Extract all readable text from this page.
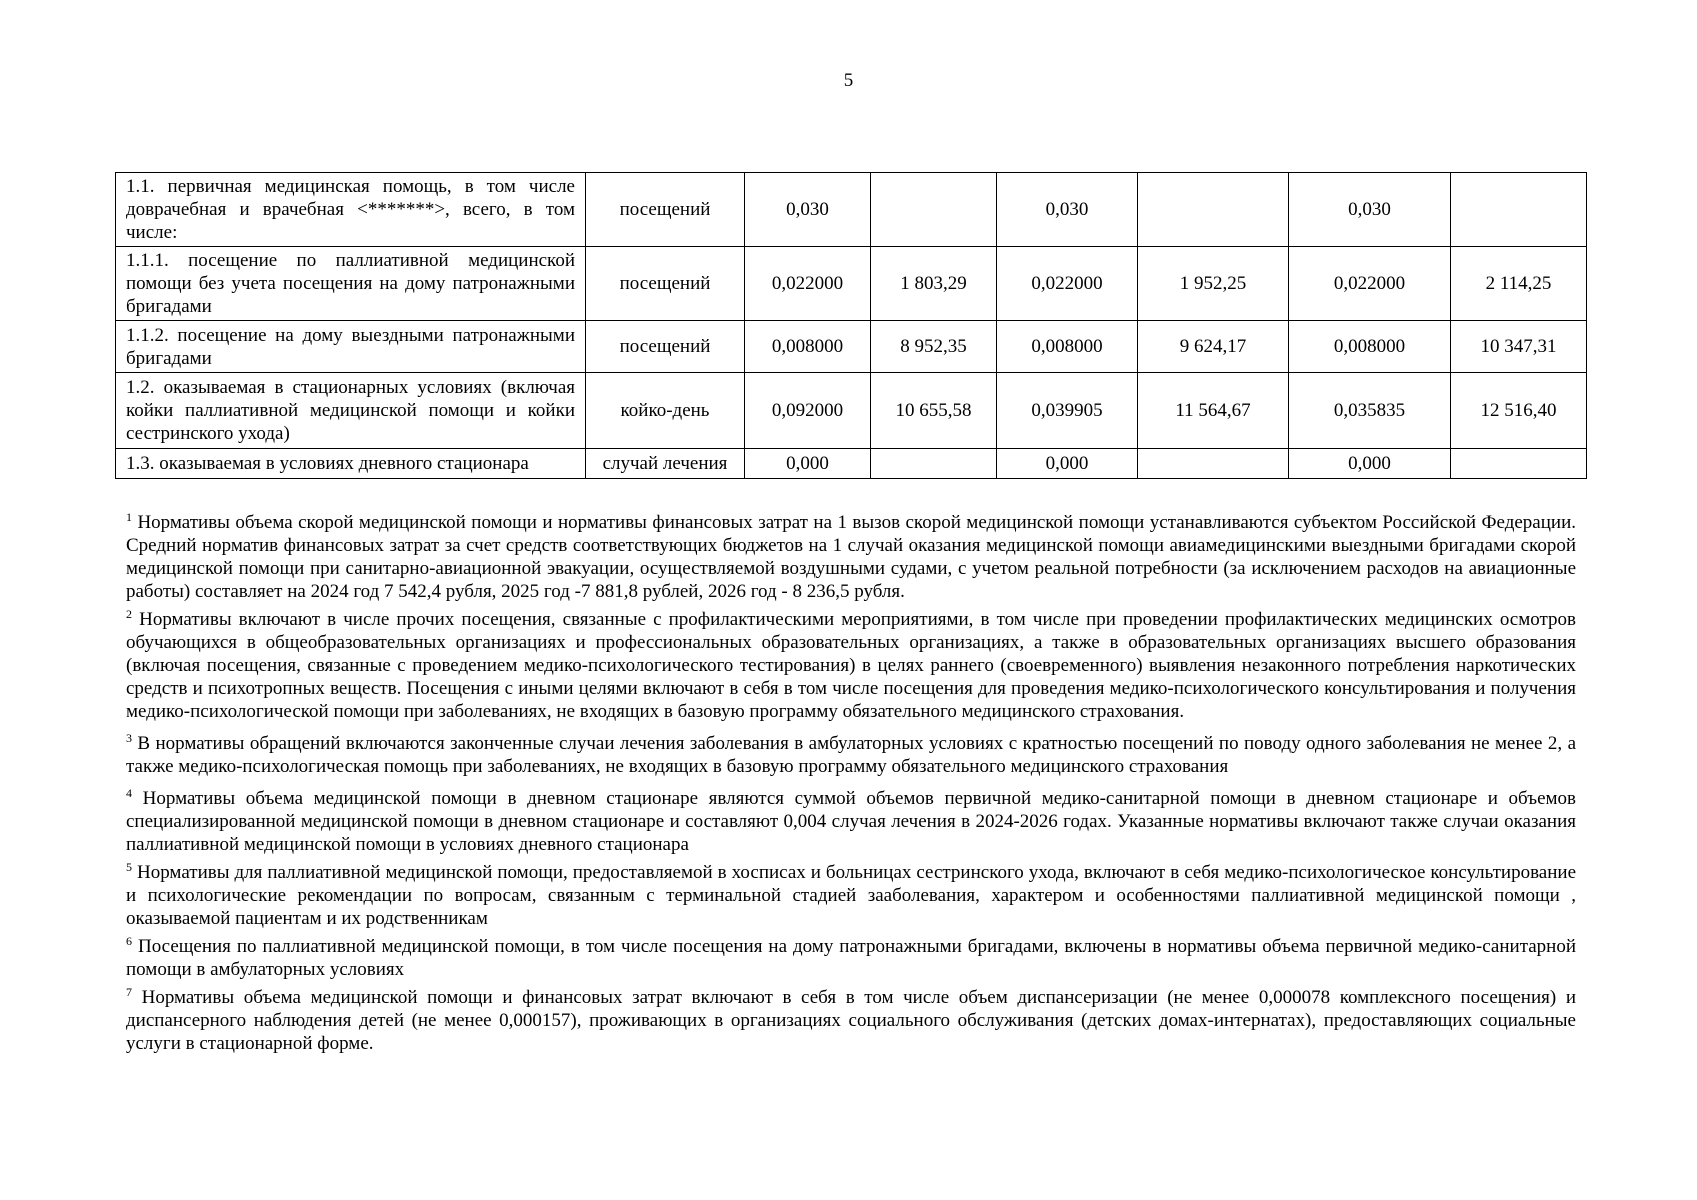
5
1.1. первичная медицинская помощь, в том числе доврачебная и врачебная <*******>, всего, в том числе:	посещений	0,030		0,030		0,030	
1.1.1. посещение по паллиативной медицинской помощи без учета посещения на дому патронажными бригадами	посещений	0,022000	1 803,29	0,022000	1 952,25	0,022000	2 114,25
1.1.2. посещение на дому выездными патронажными бригадами	посещений	0,008000	8 952,35	0,008000	9 624,17	0,008000	10 347,31
1.2. оказываемая в стационарных условиях (включая койки паллиативной медицинской помощи и койки сестринского ухода)	койко-день	0,092000	10 655,58	0,039905	11 564,67	0,035835	12 516,40
1.3. оказываемая в условиях дневного стационара	случай лечения	0,000		0,000		0,000	

$^1$ Нормативы объема скорой медицинской помощи и нормативы финансовых затрат на 1 вызов скорой медицинской помощи устанавливаются субъектом Российской Федерации. Средний норматив финансовых затрат за счет средств соответствующих бюджетов на 1 случай оказания медицинской помощи авиамедицинскими выездными бригадами скорой медицинской помощи при санитарно-авиационной эвакуации, осуществляемой воздушными судами, с учетом реальной потребности (за исключением расходов на авиационные работы) составляет на 2024 год 7 542,4 рубля, 2025 год -7 881,8 рублей, 2026 год - 8 236,5 рубля.

$^2$ Нормативы включают в числе прочих посещения, связанные с профилактическими мероприятиями, в том числе при проведении профилактических медицинских осмотров обучающихся в общеобразовательных организациях и профессиональных образовательных организациях, а также в образовательных организациях высшего образования (включая посещения, связанные с проведением медико-психологического тестирования) в целях раннего (своевременного) выявления незаконного потребления наркотических средств и психотропных веществ. Посещения с иными целями включают в себя в том числе посещения для проведения медико-психологического консультирования и получения медико-психологической помощи при заболеваниях, не входящих в базовую программу обязательного медицинского страхования.

$^3$ В нормативы обращений включаются законченные случаи лечения заболевания в амбулаторных условиях с кратностью посещений по поводу одного заболевания не менее 2, а также медико-психологическая помощь при заболеваниях, не входящих в базовую программу обязательного медицинского страхования

$^4$ Нормативы объема медицинской помощи в дневном стационаре являются суммой объемов первичной медико-санитарной помощи в дневном стационаре и объемов специализированной медицинской помощи в дневном стационаре и составляют 0,004 случая лечения в 2024-2026 годах. Указанные нормативы включают также случаи оказания паллиативной медицинской помощи в условиях дневного стационара

$^5$ Нормативы для паллиативной медицинской помощи, предоставляемой в хосписах и больницах сестринского ухода, включают в себя медико-психологическое консультирование и психологические рекомендации по вопросам, связанным с терминальной стадией зааболевания, характером и особенностями паллиативной медицинской помощи , оказываемой пациентам и их родственникам

$^6$ Посещения по паллиативной медицинской помощи, в том числе посещения на дому патронажными бригадами, включены в нормативы объема первичной медико-санитарной помощи в амбулаторных условиях

$^7$ Нормативы объема медицинской помощи и финансовых затрат включают в себя в том числе объем диспансеризации (не менее 0,000078 комплексного посещения) и диспансерного наблюдения детей (не менее 0,000157), проживающих в организациях социального обслуживания (детских домах-интернатах), предоставляющих социальные услуги в стационарной форме.
